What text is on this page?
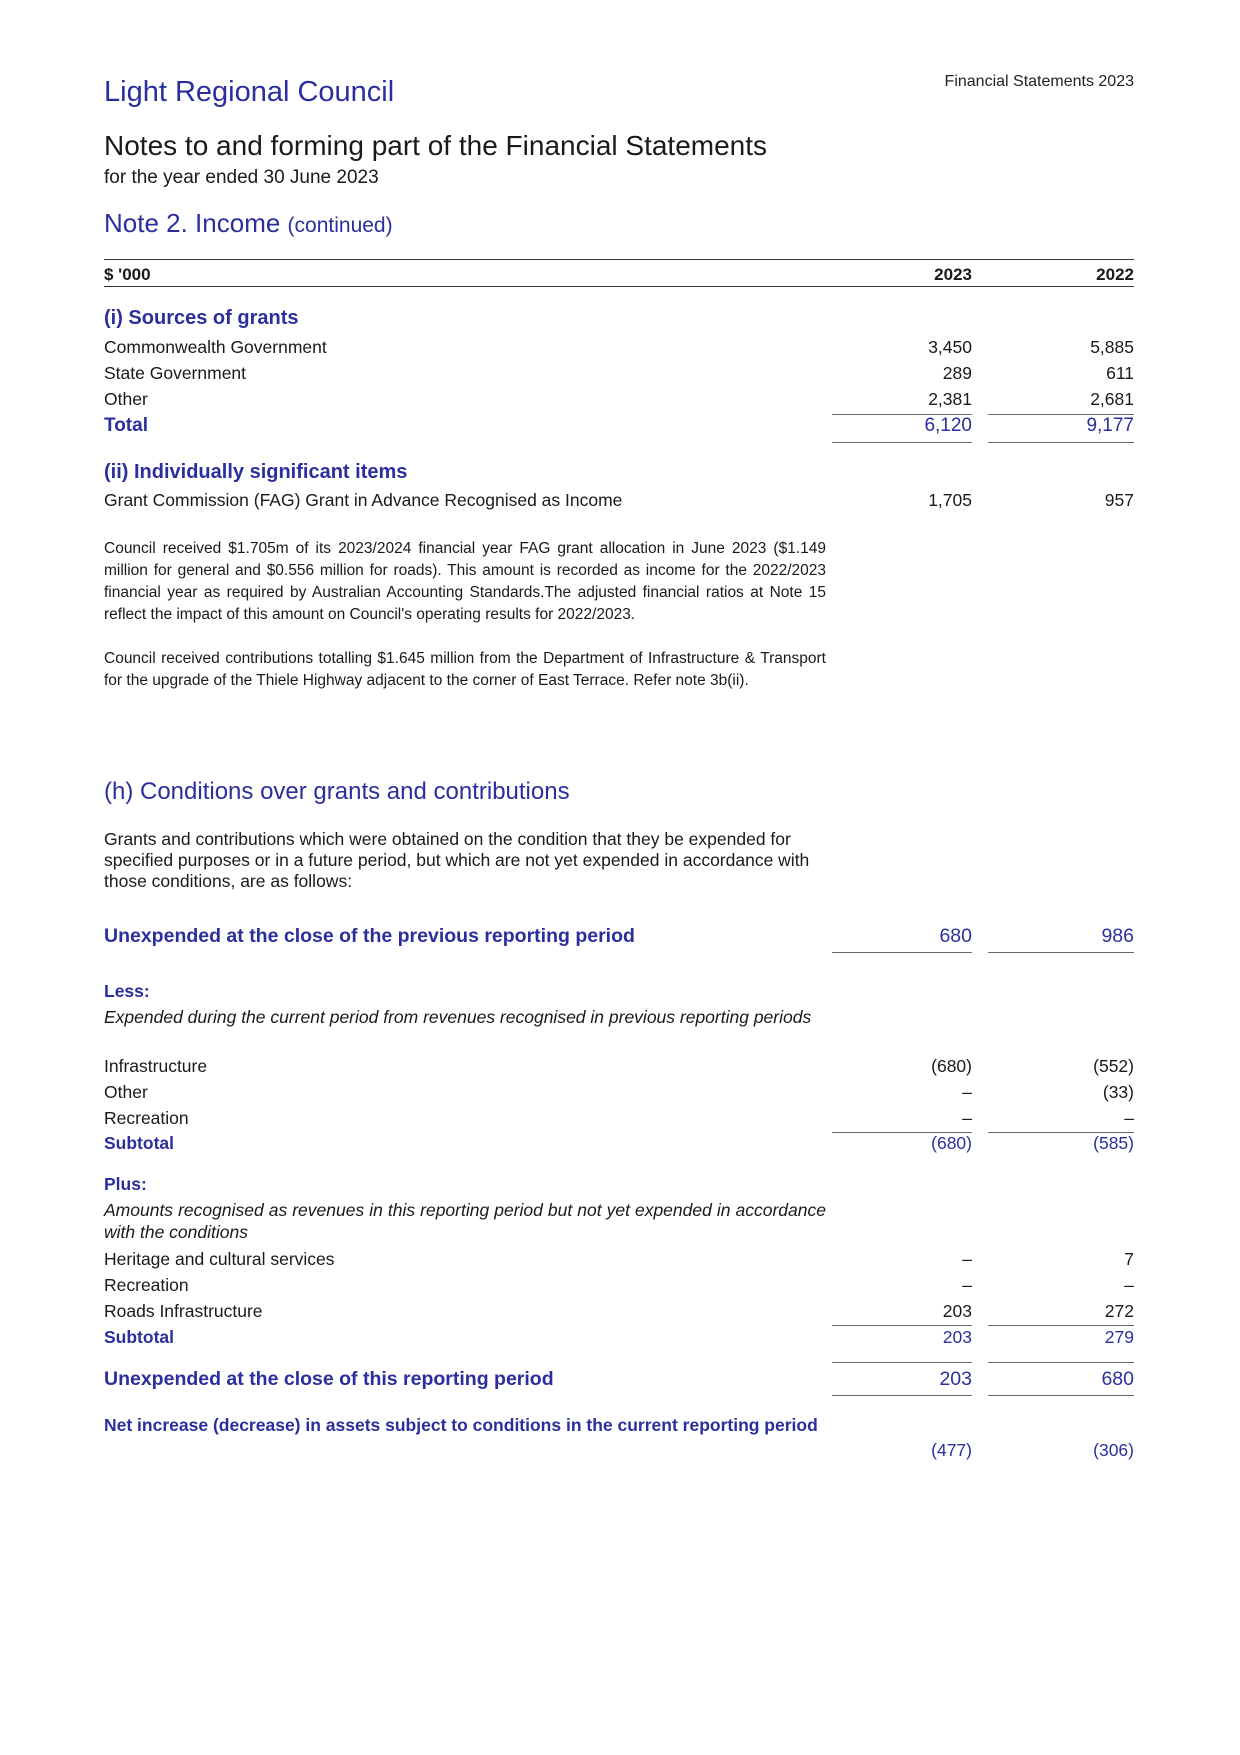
Light Regional Council	Financial Statements 2023
Notes to and forming part of the Financial Statements
for the year ended 30 June 2023
Note 2. Income (continued)
$ '000	2023	2022
(i) Sources of grants
Commonwealth Government	3,450	5,885
State Government	289	611
Other	2,381	2,681
Total	6,120	9,177
(ii) Individually significant items
Grant Commission (FAG) Grant in Advance Recognised as Income	1,705	957
Council received $1.705m of its 2023/2024 financial year FAG grant allocation in June 2023 ($1.149 million for general and $0.556 million for roads). This amount is recorded as income for the 2022/2023 financial year as required by Australian Accounting Standards.The adjusted financial ratios at Note 15 reflect the impact of this amount on Council's operating results for 2022/2023.
Council received contributions totalling $1.645 million from the Department of Infrastructure & Transport for the upgrade of the Thiele Highway adjacent to the corner of East Terrace. Refer note 3b(ii).
(h) Conditions over grants and contributions
Grants and contributions which were obtained on the condition that they be expended for specified purposes or in a future period, but which are not yet expended in accordance with those conditions, are as follows:
Unexpended at the close of the previous reporting period	680	986
Less:
Expended during the current period from revenues recognised in previous reporting periods
Infrastructure	(680)	(552)
Other	–	(33)
Recreation	–	–
Subtotal	(680)	(585)
Plus:
Amounts recognised as revenues in this reporting period but not yet expended in accordance with the conditions
Heritage and cultural services	–	7
Recreation	–	–
Roads Infrastructure	203	272
Subtotal	203	279
Unexpended at the close of this reporting period	203	680
Net increase (decrease) in assets subject to conditions in the current reporting period
(477)	(306)
